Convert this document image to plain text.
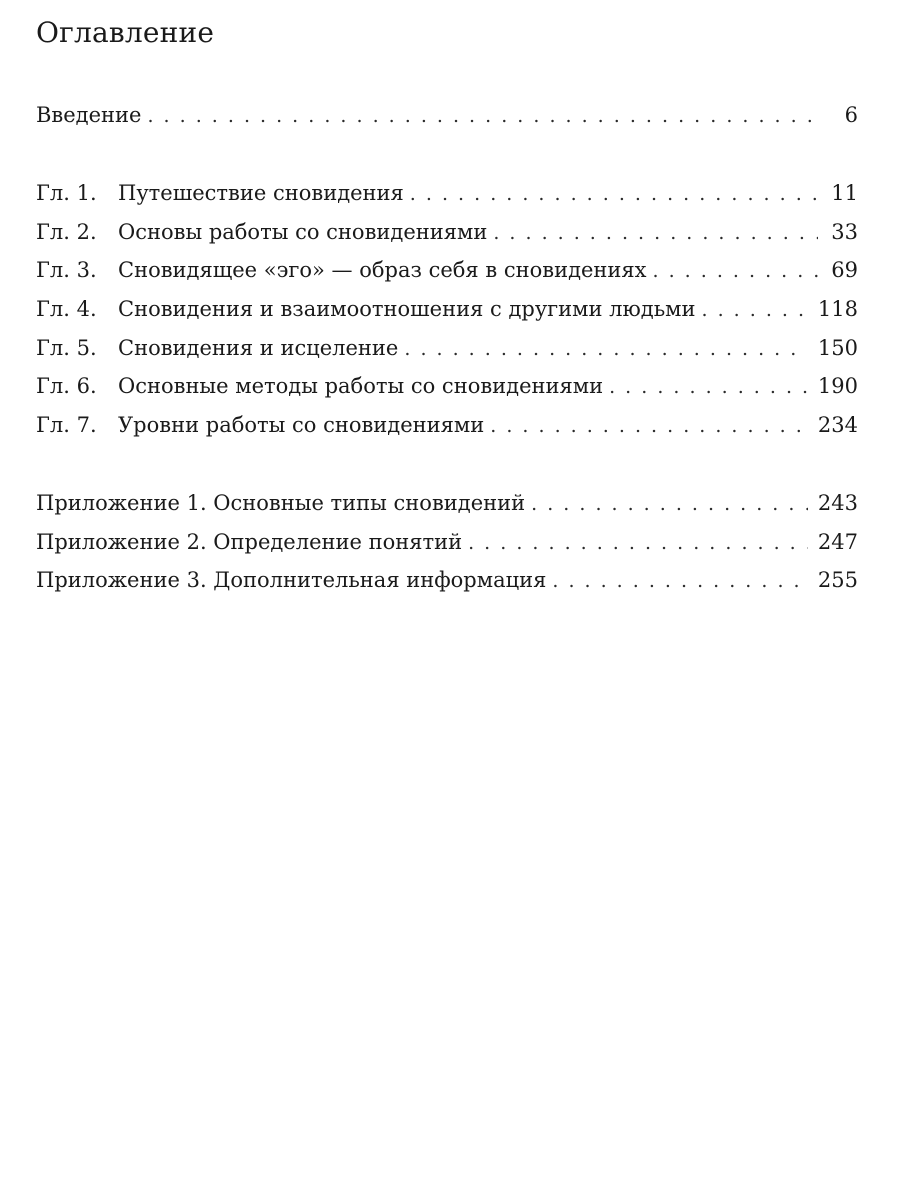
Оглавление
Введение . . .	6
Гл. 1.	Путешествие сновидения . . .	11
Гл. 2.	Основы работы со сновидениями . . .	33
Гл. 3.	Сновидящее «эго» — образ себя в сновидениях . . .	69
Гл. 4.	Сновидения и взаимоотношения с другими людьми . . .	118
Гл. 5.	Сновидения и исцеление . . .	150
Гл. 6.	Основные методы работы со сновидениями . . .	190
Гл. 7.	Уровни работы со сновидениями . . .	234
Приложение 1. Основные типы сновидений . . .	243
Приложение 2. Определение понятий . . .	247
Приложение 3. Дополнительная информация . . .	255
